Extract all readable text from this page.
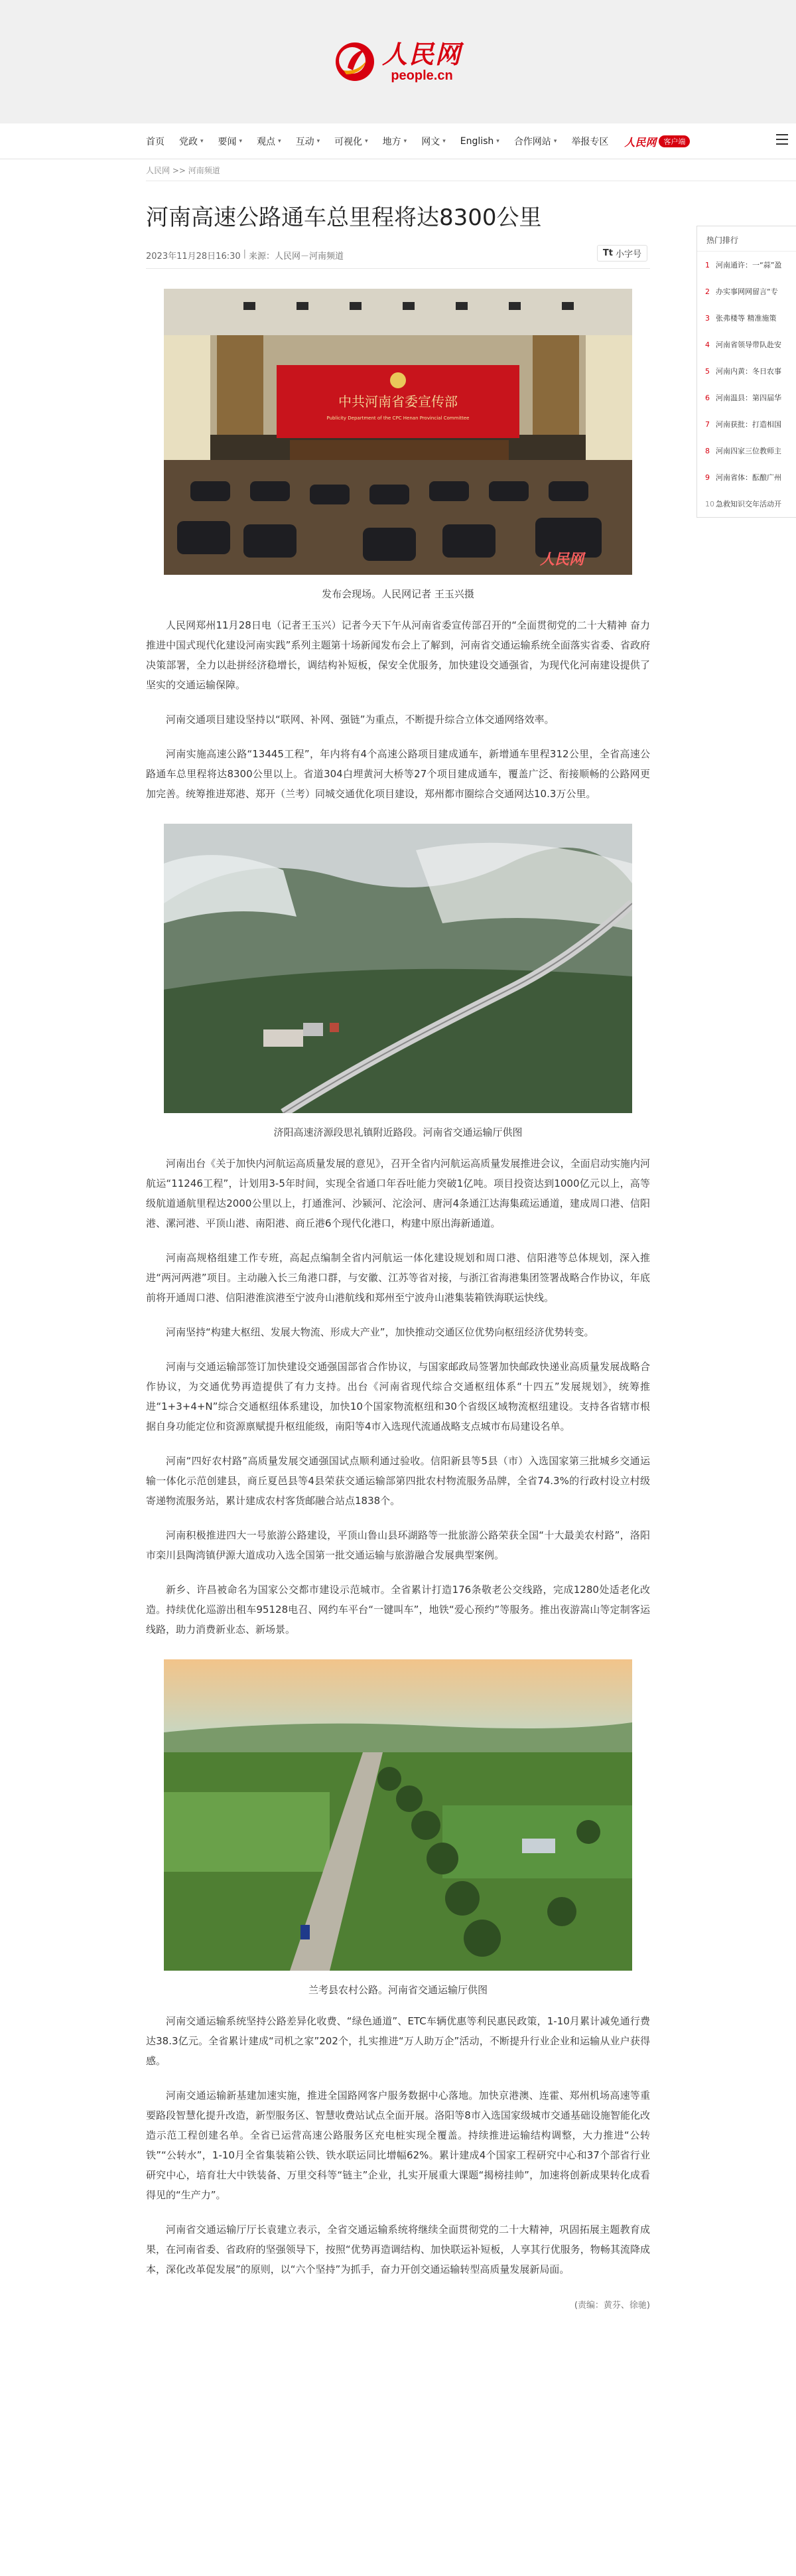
人民网
people.cn
首页 党政 ▾ 要闻 ▾ 观点 ▾ 互动 ▾ 可视化 ▾ 地方 ▾ 网文 ▾ English ▾ 合作网站 ▾ 举报专区 人民网	客户端
人民网 >> 河南频道
河南高速公路通车总里程将达8300公里
2023年11月28日16:30 | 来源： 人民网－河南频道	Tt 小字号
中共河南省委宣传部
Publicity Department of the CPC Henan Provincial Committee
人民网
发布会现场。人民网记者 王玉兴摄

人民网郑州11月28日电（记者王玉兴）记者今天下午从河南省委宣传部召开的“全面贯彻党的二十大精神 奋力推进中国式现代化建设河南实践”系列主题第十场新闻发布会上了解到，河南省交通运输系统全面落实省委、省政府决策部署，全力以赴拼经济稳增长，调结构补短板，保安全优服务，加快建设交通强省，为现代化河南建设提供了坚实的交通运输保障。

河南交通项目建设坚持以“联网、补网、强链”为重点，不断提升综合立体交通网络效率。

河南实施高速公路“13445工程”，年内将有4个高速公路项目建成通车，新增通车里程312公里，全省高速公路通车总里程将达8300公里以上。省道304白埋黄河大桥等27个项目建成通车，覆盖广泛、衔接顺畅的公路网更加完善。统筹推进郑港、郑开（兰考）同城交通优化项目建设，郑州都市圈综合交通网达10.3万公里。

济阳高速济源段思礼镇附近路段。河南省交通运输厅供图

河南出台《关于加快内河航运高质量发展的意见》，召开全省内河航运高质量发展推进会议，全面启动实施内河航运“11246工程”，计划用3-5年时间，实现全省通口年吞吐能力突破1亿吨。项目投资达到1000亿元以上，高等级航道通航里程达2000公里以上，打通淮河、沙颍河、沱浍河、唐河4条通江达海集疏运通道，建成周口港、信阳港、漯河港、平顶山港、南阳港、商丘港6个现代化港口，构建中原出海新通道。

河南高规格组建工作专班，高起点编制全省内河航运一体化建设规划和周口港、信阳港等总体规划，深入推进“两河两港”项目。主动融入长三角港口群，与安徽、江苏等省对接，与浙江省海港集团签署战略合作协议，年底前将开通周口港、信阳港淮滨港至宁波舟山港航线和郑州至宁波舟山港集装箱铁海联运快线。

河南坚持“构建大枢纽、发展大物流、形成大产业”，加快推动交通区位优势向枢纽经济优势转变。

河南与交通运输部签订加快建设交通强国部省合作协议，与国家邮政局签署加快邮政快递业高质量发展战略合作协议，为交通优势再造提供了有力支持。出台《河南省现代综合交通枢纽体系“十四五”发展规划》，统筹推进“1+3+4+N”综合交通枢纽体系建设，加快10个国家物流枢纽和30个省级区域物流枢纽建设。支持各省辖市根据自身功能定位和资源禀赋提升枢纽能级，南阳等4市入选现代流通战略支点城市布局建设名单。

河南“四好农村路”高质量发展交通强国试点顺利通过验收。信阳新县等5县（市）入选国家第三批城乡交通运输一体化示范创建县，商丘夏邑县等4县荣获交通运输部第四批农村物流服务品牌，全省74.3%的行政村设立村级寄递物流服务站，累计建成农村客货邮融合站点1838个。

河南积极推进四大一号旅游公路建设，平顶山鲁山县环湖路等一批旅游公路荣获全国“十大最美农村路”，洛阳市栾川县陶湾镇伊源大道成功入选全国第一批交通运输与旅游融合发展典型案例。

新乡、许昌被命名为国家公交都市建设示范城市。全省累计打造176条敬老公交线路，完成1280处适老化改造。持续优化巡游出租车95128电召、网约车平台“一键叫车”，地铁“爱心预约”等服务。推出夜游嵩山等定制客运线路，助力消费新业态、新场景。

兰考县农村公路。河南省交通运输厅供图

河南交通运输系统坚持公路差异化收费、“绿色通道”、ETC车辆优惠等利民惠民政策，1-10月累计减免通行费达38.3亿元。全省累计建成“司机之家”202个，扎实推进“万人助万企”活动，不断提升行业企业和运输从业户获得感。

河南交通运输新基建加速实施，推进全国路网客户服务数据中心落地。加快京港澳、连霍、郑州机场高速等重要路段智慧化提升改造，新型服务区、智慧收费站试点全面开展。洛阳等8市入选国家级城市交通基础设施智能化改造示范工程创建名单。全省已运营高速公路服务区充电桩实现全覆盖。持续推进运输结构调整，大力推进“公转铁”“公转水”，1-10月全省集装箱公铁、铁水联运同比增幅62%。累计建成4个国家工程研究中心和37个部省行业研究中心，培育壮大中铁装备、万里交科等“链主”企业，扎实开展重大课题“揭榜挂帅”，加速将创新成果转化成看得见的“生产力”。

河南省交通运输厅厅长袁建立表示，全省交通运输系统将继续全面贯彻党的二十大精神，巩固拓展主题教育成果，在河南省委、省政府的坚强领导下，按照“优势再造调结构、加快联运补短板，人享其行优服务，物畅其流降成本，深化改革促发展”的原则，以“六个坚持”为抓手，奋力开创交通运输转型高质量发展新局面。

(责编：黄芬、徐驰)
热门排行
1 河南通许：一“蒜”盈
2 办实事网网留言“专
3 张弗楼等 精准施策
4 河南省领导带队赴安
5 河南内黄：冬日农事
6 河南温县：第四届华
7 河南获批：打造相国
8 河南四家三位教师主
9 河南省体：酝酿广州
10 急救知识交年活动开
